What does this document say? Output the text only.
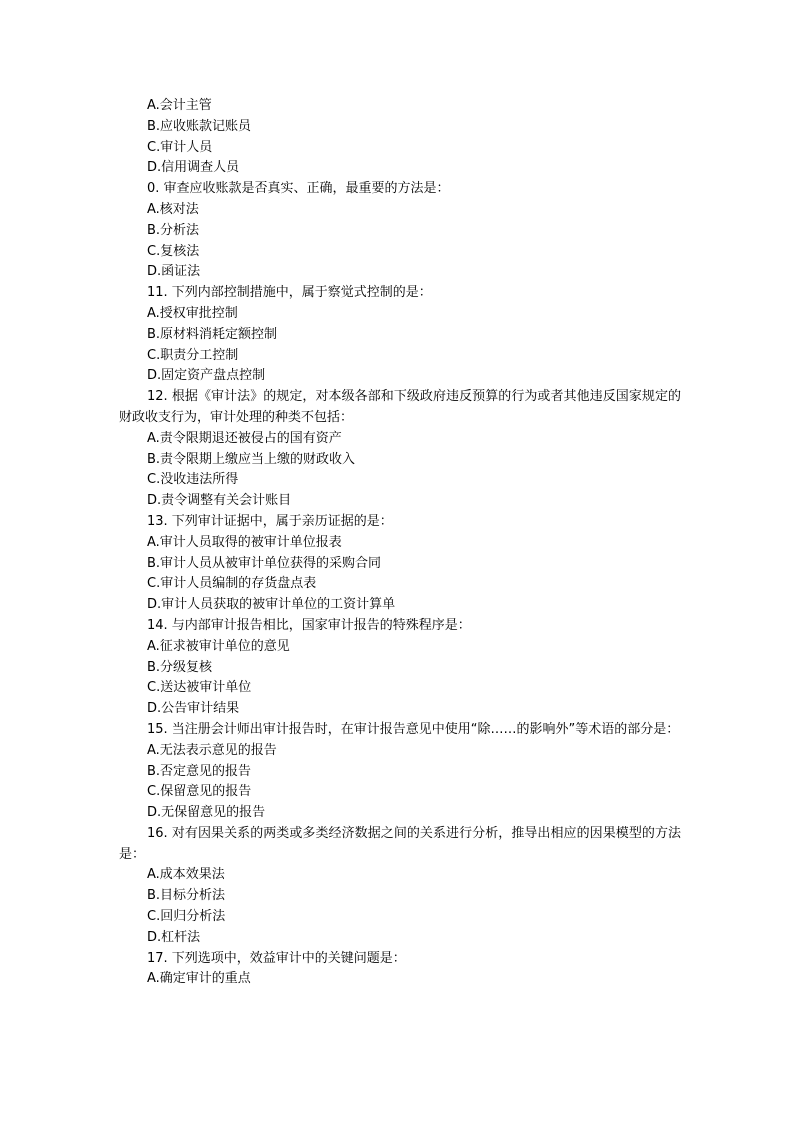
A.会计主管
B.应收账款记账员
C.审计人员
D.信用调查人员
0. 审查应收账款是否真实、正确，最重要的方法是：
A.核对法
B.分析法
C.复核法
D.函证法
11. 下列内部控制措施中，属于察觉式控制的是：
A.授权审批控制
B.原材料消耗定额控制
C.职责分工控制
D.固定资产盘点控制
12. 根据《审计法》的规定，对本级各部和下级政府违反预算的行为或者其他违反国家规定的财政收支行为，审计处理的种类不包括：
A.责令限期退还被侵占的国有资产
B.责令限期上缴应当上缴的财政收入
C.没收违法所得
D.责令调整有关会计账目
13. 下列审计证据中，属于亲历证据的是：
A.审计人员取得的被审计单位报表
B.审计人员从被审计单位获得的采购合同
C.审计人员编制的存货盘点表
D.审计人员获取的被审计单位的工资计算单
14. 与内部审计报告相比，国家审计报告的特殊程序是：
A.征求被审计单位的意见
B.分级复核
C.送达被审计单位
D.公告审计结果
15. 当注册会计师出审计报告时，在审计报告意见中使用“除……的影响外”等术语的部分是：
A.无法表示意见的报告
B.否定意见的报告
C.保留意见的报告
D.无保留意见的报告
16. 对有因果关系的两类或多类经济数据之间的关系进行分析，推导出相应的因果模型的方法是：
A.成本效果法
B.目标分析法
C.回归分析法
D.杠杆法
17. 下列选项中，效益审计中的关键问题是：
A.确定审计的重点
